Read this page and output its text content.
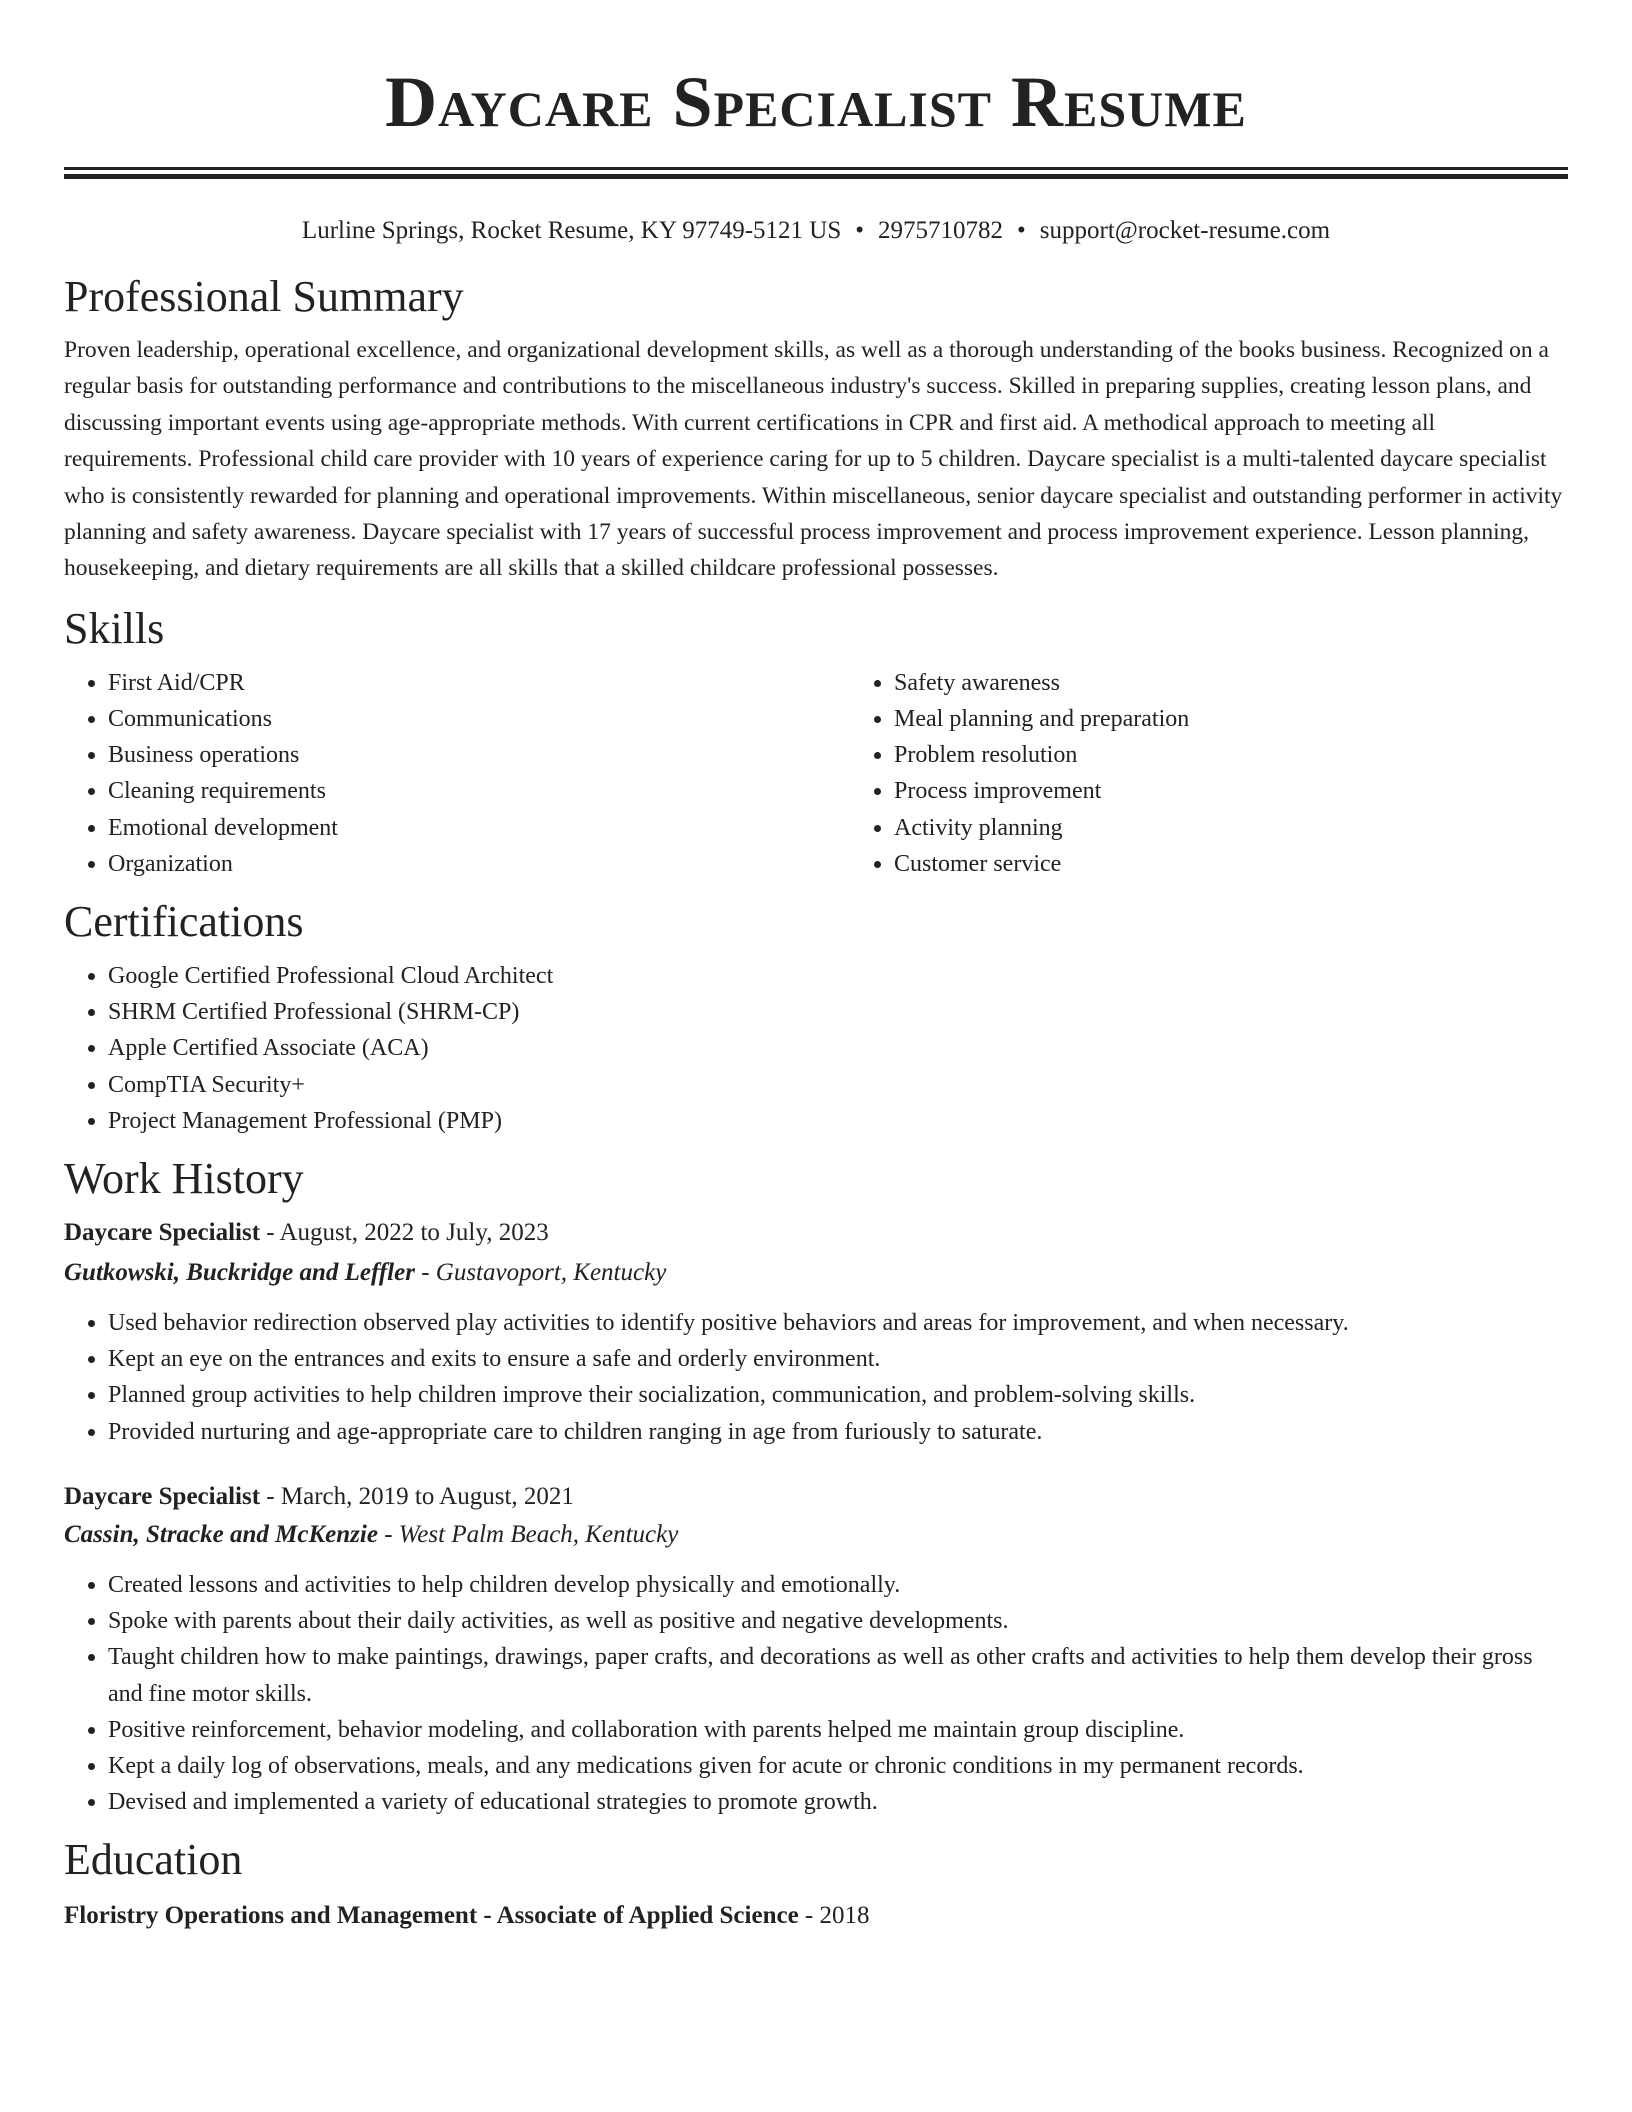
Daycare Specialist Resume
Lurline Springs, Rocket Resume, KY 97749-5121 US • 2975710782 • support@rocket-resume.com
Professional Summary

Proven leadership, operational excellence, and organizational development skills, as well as a thorough understanding of the books business. Recognized on a regular basis for outstanding performance and contributions to the miscellaneous industry's success. Skilled in preparing supplies, creating lesson plans, and discussing important events using age-appropriate methods. With current certifications in CPR and first aid. A methodical approach to meeting all requirements. Professional child care provider with 10 years of experience caring for up to 5 children. Daycare specialist is a multi-talented daycare specialist who is consistently rewarded for planning and operational improvements. Within miscellaneous, senior daycare specialist and outstanding performer in activity planning and safety awareness. Daycare specialist with 17 years of successful process improvement and process improvement experience. Lesson planning, housekeeping, and dietary requirements are all skills that a skilled childcare professional possesses.

Skills
• First Aid/CPR
• Communications
• Business operations
• Cleaning requirements
• Emotional development
• Organization
• Safety awareness
• Meal planning and preparation
• Problem resolution
• Process improvement
• Activity planning
• Customer service
Certifications
• Google Certified Professional Cloud Architect
• SHRM Certified Professional (SHRM-CP)
• Apple Certified Associate (ACA)
• CompTIA Security+
• Project Management Professional (PMP)
Work History
Daycare Specialist - August, 2022 to July, 2023
Gutkowski, Buckridge and Leffler - Gustavoport, Kentucky
• Used behavior redirection observed play activities to identify positive behaviors and areas for improvement, and when necessary.
• Kept an eye on the entrances and exits to ensure a safe and orderly environment.
• Planned group activities to help children improve their socialization, communication, and problem-solving skills.
• Provided nurturing and age-appropriate care to children ranging in age from furiously to saturate.
Daycare Specialist - March, 2019 to August, 2021
Cassin, Stracke and McKenzie - West Palm Beach, Kentucky
• Created lessons and activities to help children develop physically and emotionally.
• Spoke with parents about their daily activities, as well as positive and negative developments.
• Taught children how to make paintings, drawings, paper crafts, and decorations as well as other crafts and activities to help them develop their gross and fine motor skills.
• Positive reinforcement, behavior modeling, and collaboration with parents helped me maintain group discipline.
• Kept a daily log of observations, meals, and any medications given for acute or chronic conditions in my permanent records.
• Devised and implemented a variety of educational strategies to promote growth.
Education
Floristry Operations and Management - Associate of Applied Science - 2018
